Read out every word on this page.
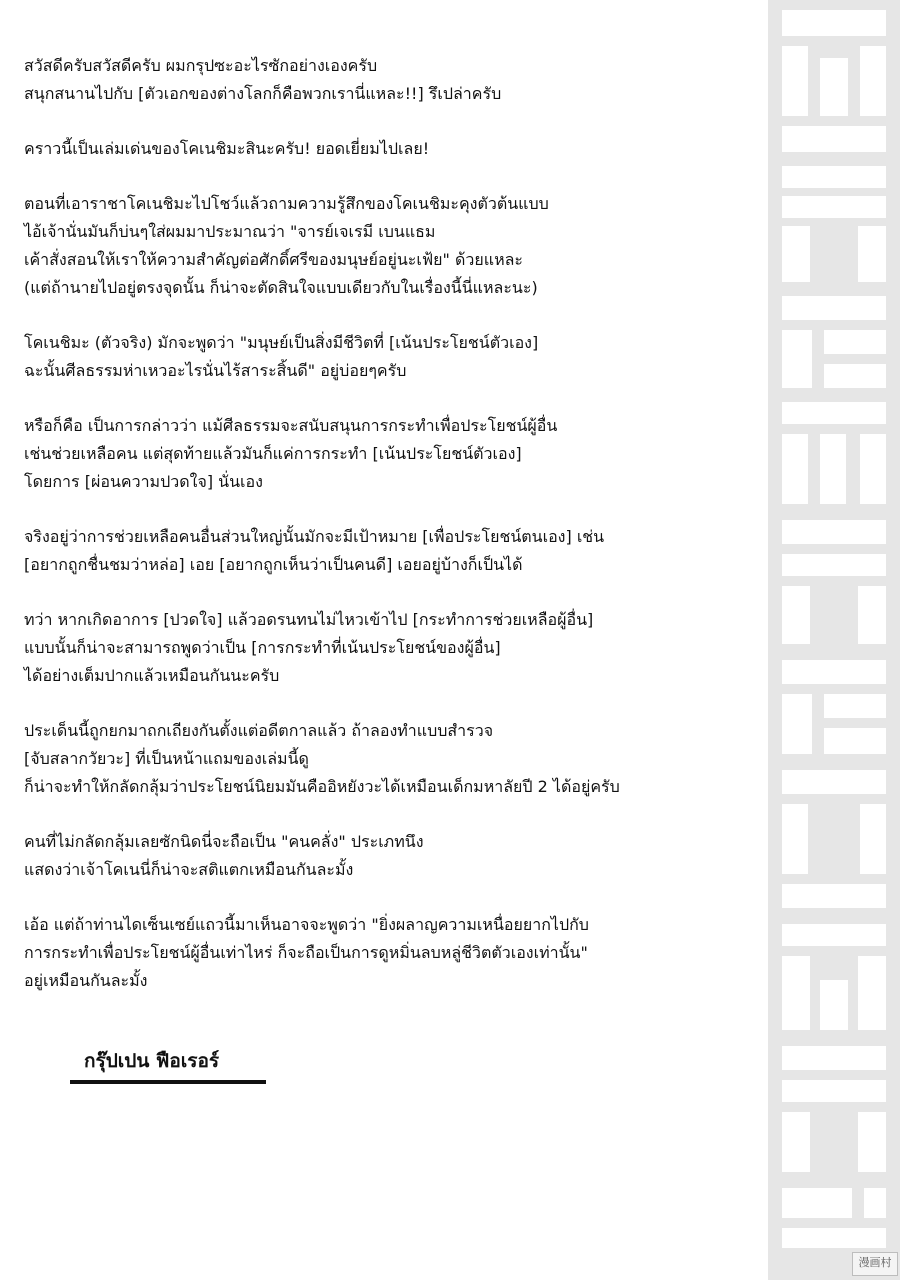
สวัสดีครับสวัสดีครับ ผมกรุปซะอะไรซักอย่างเองครับ
สนุกสนานไปกับ [ตัวเอกของต่างโลกก็คือพวกเรานี่แหละ!!] รึเปล่าครับ
คราวนี้เป็นเล่มเด่นของโคเนชิมะสินะครับ! ยอดเยี่ยมไปเลย!
ตอนที่เอาราชาโคเนชิมะไปโชว์แล้วถามความรู้สึกของโคเนชิมะคุงตัวต้นแบบ
ไอ้เจ้านั่นมันก็บ่นๆใส่ผมมาประมาณว่า "จารย์เจเรมี เบนแธม
เค้าสั่งสอนให้เราให้ความสำคัญต่อศักดิ์ศรีของมนุษย์อยู่นะเฟ้ย" ด้วยแหละ
(แต่ถ้านายไปอยู่ตรงจุดนั้น ก็น่าจะตัดสินใจแบบเดียวกับในเรื่องนี้นี่แหละนะ)
โคเนชิมะ (ตัวจริง) มักจะพูดว่า "มนุษย์เป็นสิ่งมีชีวิตที่ [เน้นประโยชน์ตัวเอง]
ฉะนั้นศีลธรรมห่าเหวอะไรนั่นไร้สาระสิ้นดี" อยู่บ่อยๆครับ
หรือก็คือ เป็นการกล่าวว่า แม้ศีลธรรมจะสนับสนุนการกระทำเพื่อประโยชน์ผู้อื่น
เช่นช่วยเหลือคน แต่สุดท้ายแล้วมันก็แค่การกระทำ [เน้นประโยชน์ตัวเอง]
โดยการ [ผ่อนความปวดใจ] นั่นเอง
จริงอยู่ว่าการช่วยเหลือคนอื่นส่วนใหญ่นั้นมักจะมีเป้าหมาย [เพื่อประโยชน์ตนเอง] เช่น
[อยากถูกชื่นชมว่าหล่อ] เอย [อยากถูกเห็นว่าเป็นคนดี] เอยอยู่บ้างก็เป็นได้
ทว่า หากเกิดอาการ [ปวดใจ] แล้วอดรนทนไม่ไหวเข้าไป [กระทำการช่วยเหลือผู้อื่น]
แบบนั้นก็น่าจะสามารถพูดว่าเป็น [การกระทำที่เน้นประโยชน์ของผู้อื่น]
ได้อย่างเต็มปากแล้วเหมือนกันนะครับ
ประเด็นนี้ถูกยกมาถกเถียงกันตั้งแต่อดีตกาลแล้ว ถ้าลองทำแบบสำรวจ
[จับสลากวัยวะ] ที่เป็นหน้าแถมของเล่มนี้ดู
ก็น่าจะทำให้กลัดกลุ้มว่าประโยชน์นิยมมันคืออิหยังวะได้เหมือนเด็กมหาลัยปี 2 ได้อยู่ครับ
คนที่ไม่กลัดกลุ้มเลยซักนิดนี่จะถือเป็น "คนคลั่ง" ประเภทนึง
แสดงว่าเจ้าโคเนนี่ก็น่าจะสติแตกเหมือนกันละมั้ง
เอ้อ แต่ถ้าท่านไดเซ็นเซย์แถวนี้มาเห็นอาจจะพูดว่า "ยิ่งผลาญความเหนื่อยยากไปกับ
การกระทำเพื่อประโยชน์ผู้อื่นเท่าไหร่ ก็จะถือเป็นการดูหมิ่นลบหลู่ชีวิตตัวเองเท่านั้น"
อยู่เหมือนกันละมั้ง
กรุ๊ปเปน ฟือเรอร์
漫画村
